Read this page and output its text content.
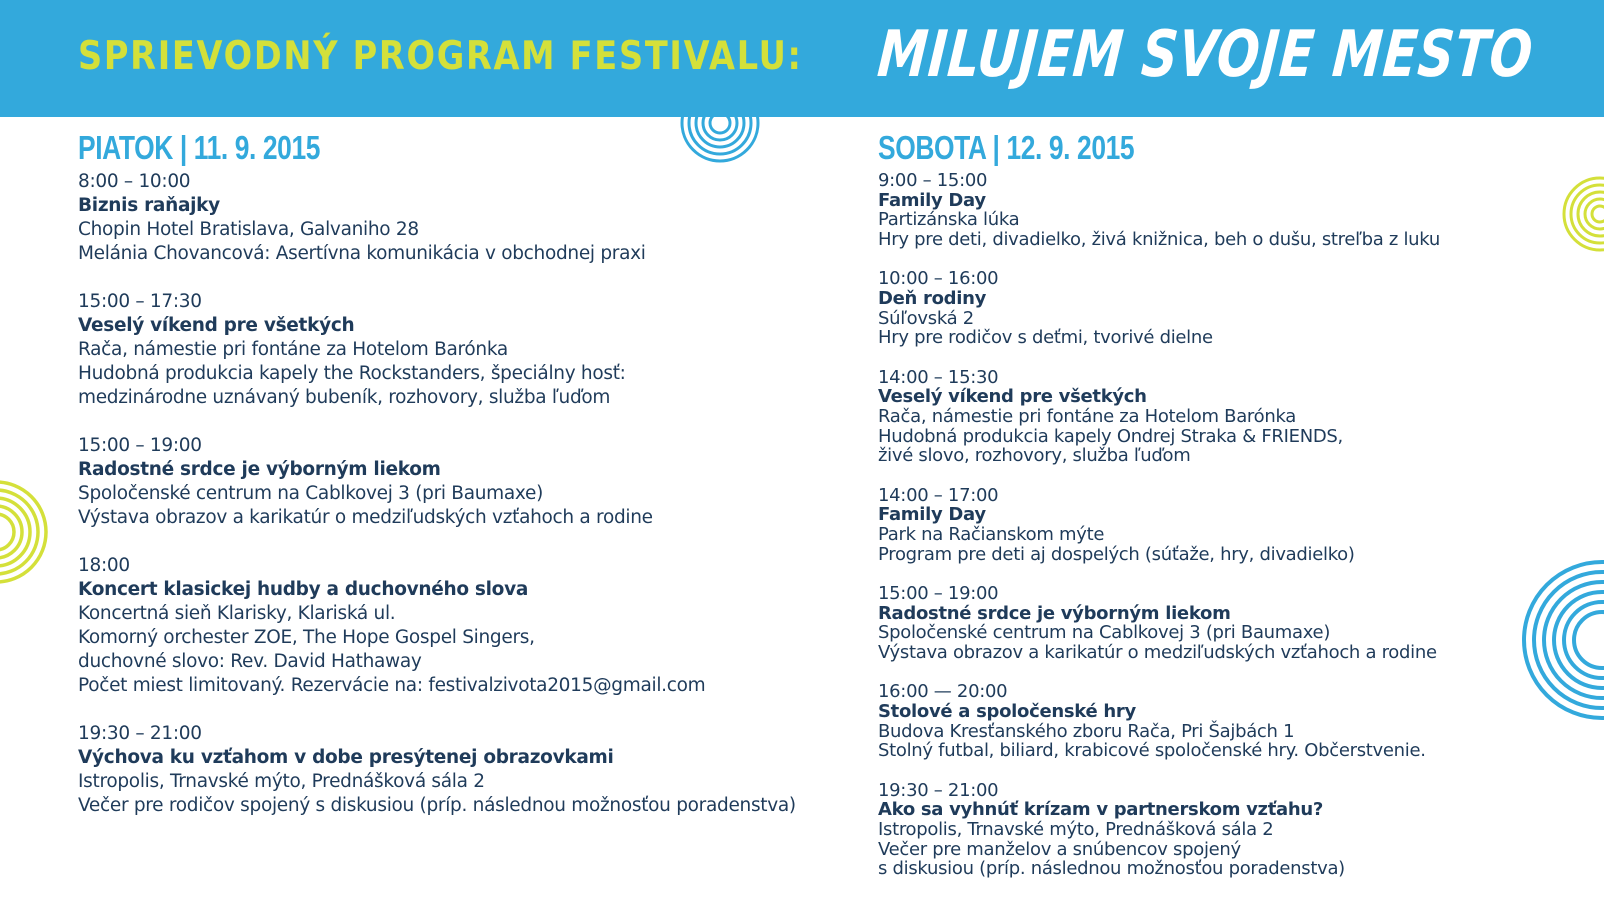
SPRIEVODNÝ PROGRAM FESTIVALU: MILUJEM SVOJE MESTO
PIATOK | 11. 9. 2015
8:00 – 10:00
Biznis raňajky
Chopin Hotel Bratislava, Galvaniho 28
Melánia Chovancová: Asertívna komunikácia v obchodnej praxi
15:00 – 17:30
Veselý víkend pre všetkých
Rača, námestie pri fontáne za Hotelom Barónka
Hudobná produkcia kapely the Rockstanders, špeciálny hosť:
medzinárodne uznávaný bubeník, rozhovory, služba ľuďom
15:00 – 19:00
Radostné srdce je výborným liekom
Spoločenské centrum na Cablkovej 3 (pri Baumaxe)
Výstava obrazov a karikatúr o medziľudských vzťahoch a rodine
18:00
Koncert klasickej hudby a duchovného slova
Koncertná sieň Klarisky, Klariská ul.
Komorný orchester ZOE, The Hope Gospel Singers,
duchovné slovo: Rev. David Hathaway
Počet miest limitovaný. Rezervácie na: festivalzivota2015@gmail.com
19:30 – 21:00
Výchova ku vzťahom v dobe presýtenej obrazovkami
Istropolis, Trnavské mýto, Prednášková sála 2
Večer pre rodičov spojený s diskusiou (príp. následnou možnosťou poradenstva)
SOBOTA | 12. 9. 2015
9:00 – 15:00
Family Day
Partizánska lúka
Hry pre deti, divadielko, živá knižnica, beh o dušu, streľba z luku
10:00 – 16:00
Deň rodiny
Súľovská 2
Hry pre rodičov s deťmi, tvorivé dielne
14:00 – 15:30
Veselý víkend pre všetkých
Rača, námestie pri fontáne za Hotelom Barónka
Hudobná produkcia kapely Ondrej Straka & FRIENDS,
živé slovo, rozhovory, služba ľuďom
14:00 – 17:00
Family Day
Park na Račianskom mýte
Program pre deti aj dospelých (súťaže, hry, divadielko)
15:00 – 19:00
Radostné srdce je výborným liekom
Spoločenské centrum na Cablkovej 3 (pri Baumaxe)
Výstava obrazov a karikatúr o medziľudských vzťahoch a rodine
16:00 — 20:00
Stolové a spoločenské hry
Budova Kresťanského zboru Rača, Pri Šajbách 1
Stolný futbal, biliard, krabicové spoločenské hry. Občerstvenie.
19:30 – 21:00
Ako sa vyhnúť krízam v partnerskom vzťahu?
Istropolis, Trnavské mýto, Prednášková sála 2
Večer pre manželov a snúbencov spojený
s diskusiou (príp. následnou možnosťou poradenstva)
